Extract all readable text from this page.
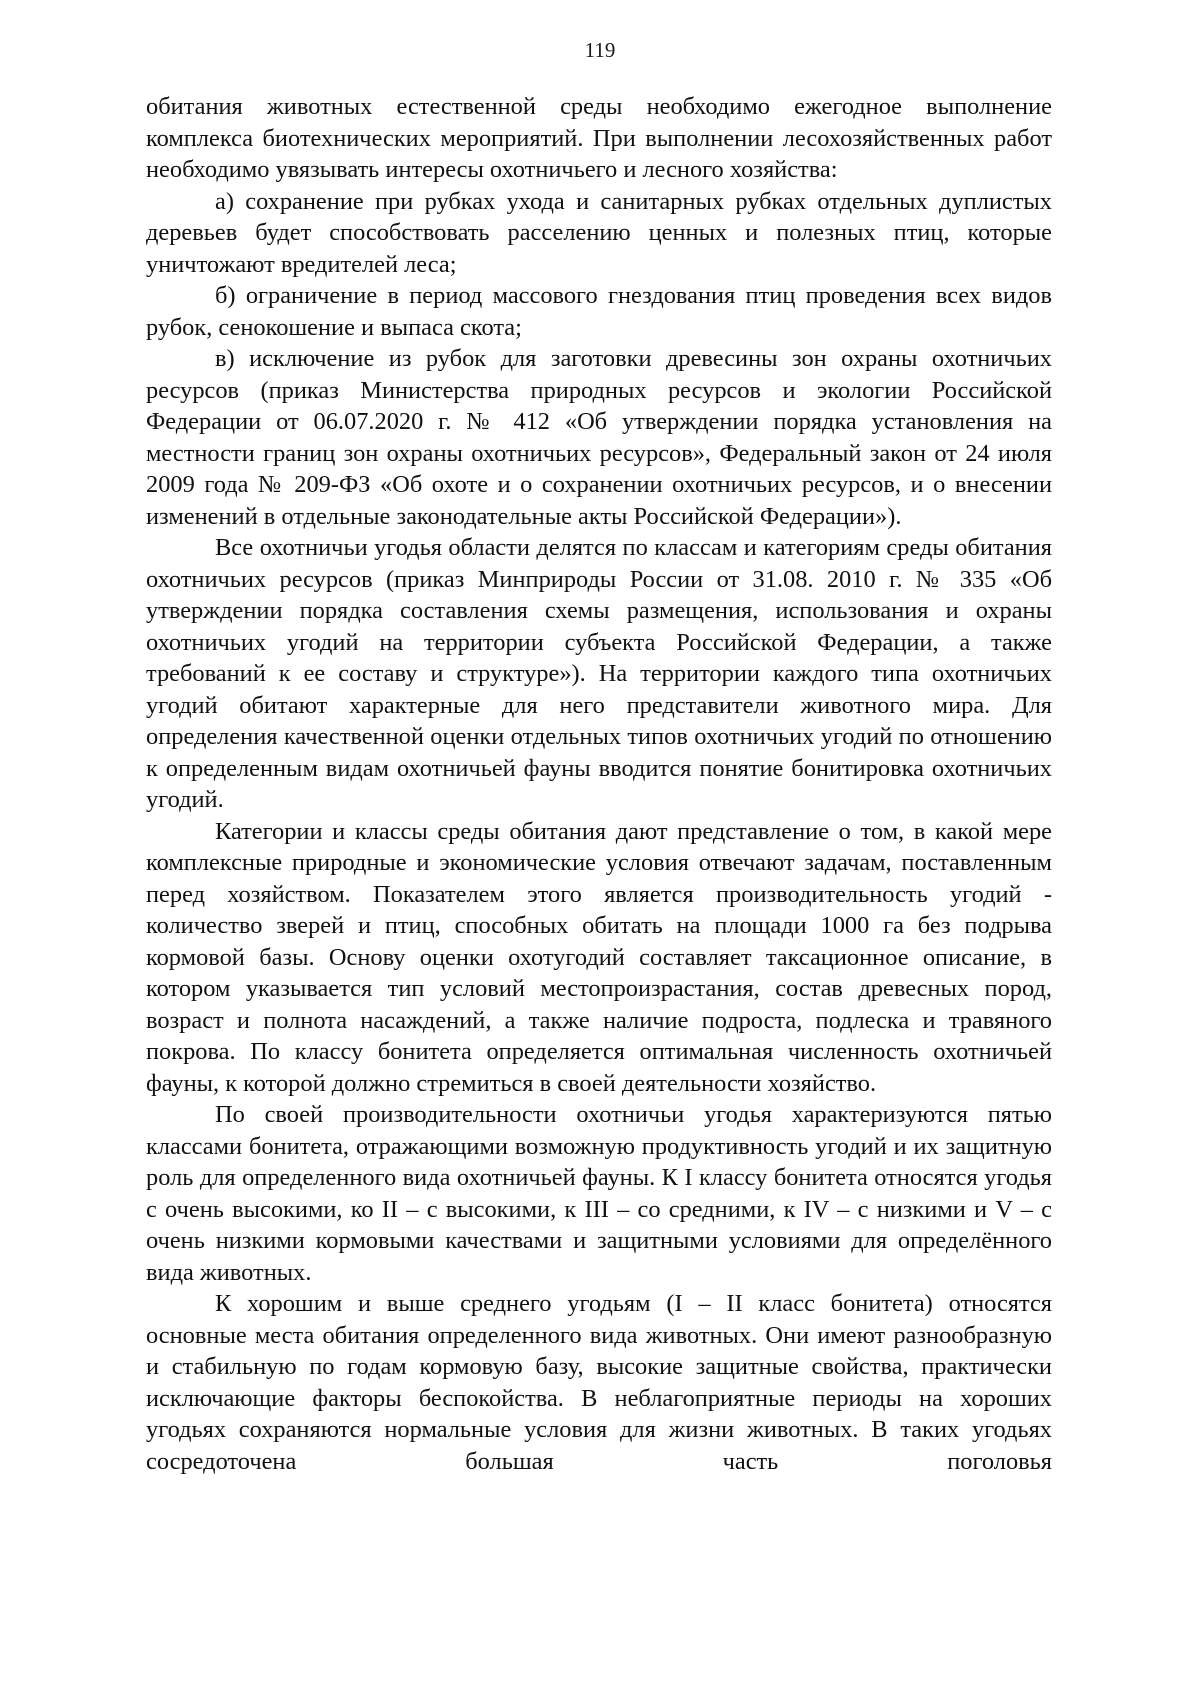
119

обитания животных естественной среды необходимо ежегодное выполнение комплекса биотехнических мероприятий. При выполнении лесохозяйственных работ необходимо увязывать интересы охотничьего и лесного хозяйства:

а) сохранение при рубках ухода и санитарных рубках отдельных дуплистых деревьев будет способствовать расселению ценных и полезных птиц, которые уничтожают вредителей леса;

б) ограничение в период массового гнездования птиц проведения всех видов рубок, сенокошение и выпаса скота;

в) исключение из рубок для заготовки древесины зон охраны охотничьих ресурсов (приказ Министерства природных ресурсов и экологии Российской Федерации от 06.07.2020 г. № 412 «Об утверждении порядка установления на местности границ зон охраны охотничьих ресурсов», Федеральный закон от 24 июля 2009 года № 209-ФЗ «Об охоте и о сохранении охотничьих ресурсов, и о внесении изменений в отдельные законодательные акты Российской Федерации»).

Все охотничьи угодья области делятся по классам и категориям среды обитания охотничьих ресурсов (приказ Минприроды России от 31.08. 2010 г. № 335 «Об утверждении порядка составления схемы размещения, использования и охраны охотничьих угодий на территории субъекта Российской Федерации, а также требований к ее составу и структуре»). На территории каждого типа охотничьих угодий обитают характерные для него представители животного мира. Для определения качественной оценки отдельных типов охотничьих угодий по отношению к определенным видам охотничьей фауны вводится понятие бонитировка охотничьих угодий.

Категории и классы среды обитания дают представление о том, в какой мере комплексные природные и экономические условия отвечают задачам, поставленным перед хозяйством. Показателем этого является производительность угодий - количество зверей и птиц, способных обитать на площади 1000 га без подрыва кормовой базы. Основу оценки охотугодий составляет таксационное описание, в котором указывается тип условий местопроизрастания, состав древесных пород, возраст и полнота насаждений, а также наличие подроста, подлеска и травяного покрова. По классу бонитета определяется оптимальная численность охотничьей фауны, к которой должно стремиться в своей деятельности хозяйство.

По своей производительности охотничьи угодья характеризуются пятью классами бонитета, отражающими возможную продуктивность угодий и их защитную роль для определенного вида охотничьей фауны. К I классу бонитета относятся угодья с очень высокими, ко II – с высокими, к III – со средними, к IV – с низкими и V – с очень низкими кормовыми качествами и защитными условиями для определённого вида животных.

К хорошим и выше среднего угодьям (I – II класс бонитета) относятся основные места обитания определенного вида животных. Они имеют разнообразную и стабильную по годам кормовую базу, высокие защитные свойства, практически исключающие факторы беспокойства. В неблагоприятные периоды на хороших угодьях сохраняются нормальные условия для жизни животных. В таких угодьях сосредоточена большая часть поголовья
